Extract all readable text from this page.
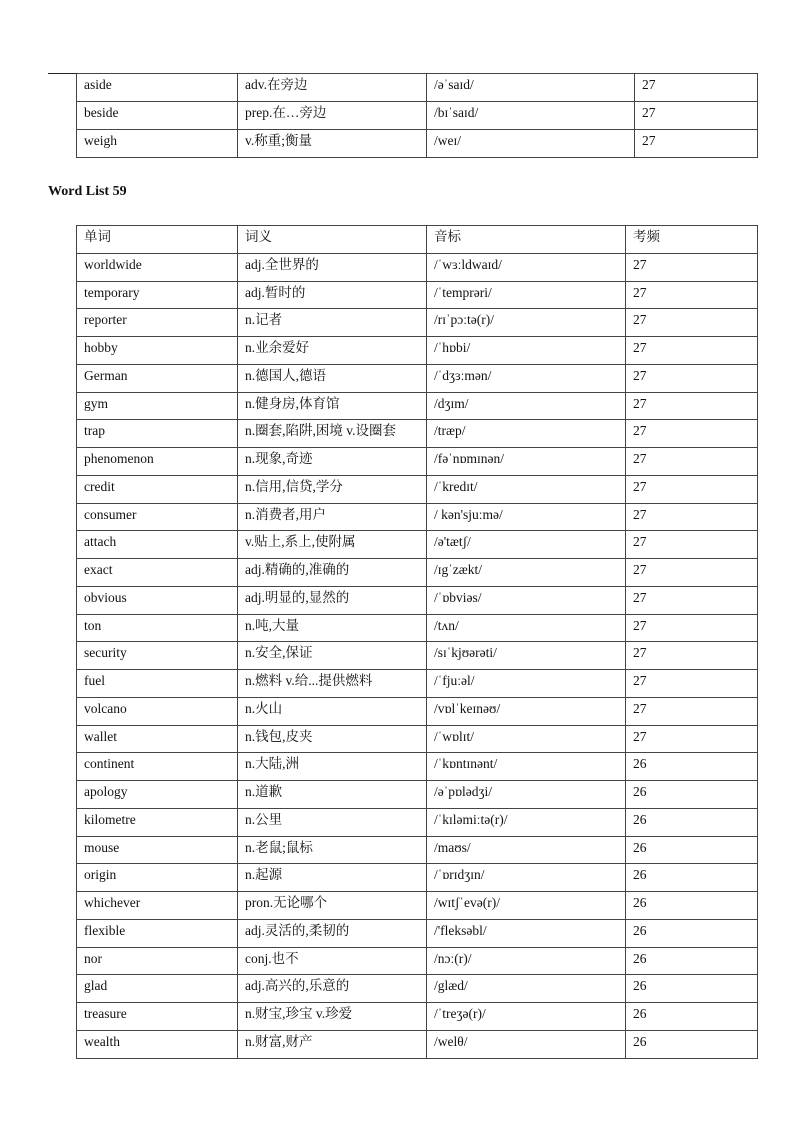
aside	adv.在旁边	/əˈsaɪd/	27
beside	prep.在…旁边	/bɪˈsaɪd/	27
weigh	v.称重;衡量	/weɪ/	27
Word List 59
单词	词义	音标	考频
worldwide	adj.全世界的	/ˈwɜːldwaɪd/	27
temporary	adj.暂时的	/ˈtemprəri/	27
reporter	n.记者	/rɪˈpɔːtə(r)/	27
hobby	n.业余爱好	/ˈhɒbi/	27
German	n.德国人,德语	/ˈdʒɜːmən/	27
gym	n.健身房,体育馆	/dʒɪm/	27
trap	n.圈套,陷阱,困境 v.设圈套	/træp/	27
phenomenon	n.现象,奇迹	/fəˈnɒmɪnən/	27
credit	n.信用,信贷,学分	/ˈkredɪt/	27
consumer	n.消费者,用户	/ kən'sjuːmə/	27
attach	v.贴上,系上,使附属	/ə'tætʃ/	27
exact	adj.精确的,准确的	/ɪgˈzækt/	27
obvious	adj.明显的,显然的	/ˈɒbviəs/	27
ton	n.吨,大量	/tʌn/	27
security	n.安全,保证	/sɪˈkjʊərəti/	27
fuel	n.燃料 v.给...提供燃料	/ˈfjuːəl/	27
volcano	n.火山	/vɒlˈkeɪnəʊ/	27
wallet	n.钱包,皮夹	/ˈwɒlɪt/	27
continent	n.大陆,洲	/ˈkɒntɪnənt/	26
apology	n.道歉	/əˈpɒlədʒi/	26
kilometre	n.公里	/ˈkɪləmiːtə(r)/	26
mouse	n.老鼠;鼠标	/maʊs/	26
origin	n.起源	/ˈɒrɪdʒɪn/	26
whichever	pron.无论哪个	/wɪtʃˈevə(r)/	26
flexible	adj.灵活的,柔韧的	/'fleksəbl/	26
nor	conj.也不	/nɔː(r)/	26
glad	adj.高兴的,乐意的	/glæd/	26
treasure	n.财宝,珍宝 v.珍爱	/ˈtreʒə(r)/	26
wealth	n.财富,财产	/welθ/	26
